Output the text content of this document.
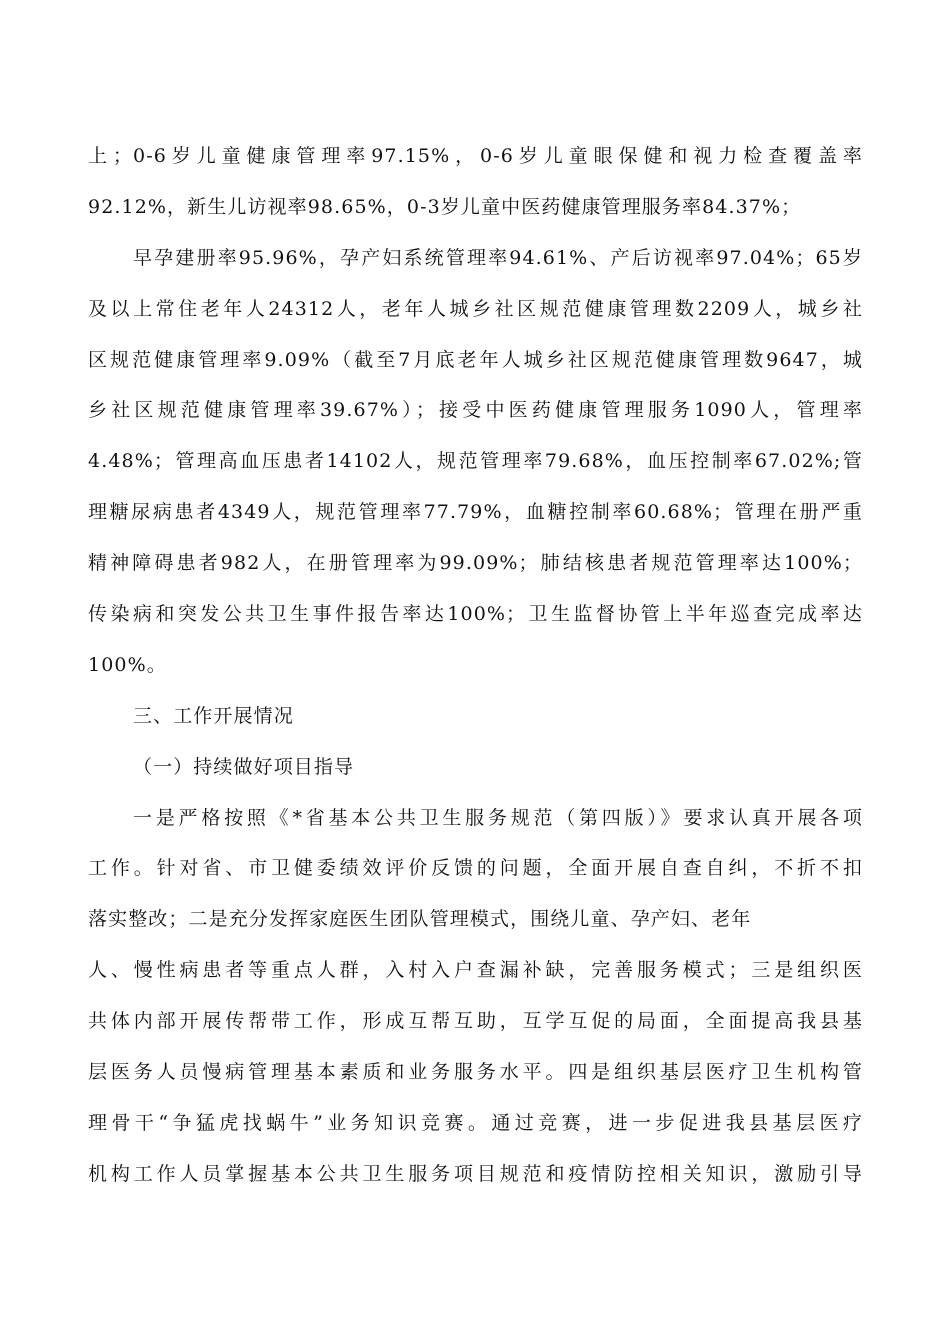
上；0-6岁儿童健康管理率97.15%，0-6岁儿童眼保健和视力检查覆盖率
92.12%，新生儿访视率98.65%，0-3岁儿童中医药健康管理服务率84.37%；
早孕建册率95.96%，孕产妇系统管理率94.61%、产后访视率97.04%；65岁
及以上常住老年人24312人，老年人城乡社区规范健康管理数2209人，城乡社
区规范健康管理率9.09%（截至7月底老年人城乡社区规范健康管理数9647，城
乡社区规范健康管理率39.67%）；接受中医药健康管理服务1090人，管理率
4.48%；管理高血压患者14102人，规范管理率79.68%，血压控制率67.02%;管
理糖尿病患者4349人，规范管理率77.79%，血糖控制率60.68%；管理在册严重
精神障碍患者982人，在册管理率为99.09%；肺结核患者规范管理率达100%；
传染病和突发公共卫生事件报告率达100%；卫生监督协管上半年巡查完成率达
100%。
三、工作开展情况
（一）持续做好项目指导
一是严格按照《*省基本公共卫生服务规范（第四版）》要求认真开展各项
工作。针对省、市卫健委绩效评价反馈的问题，全面开展自查自纠，不折不扣
落实整改；二是充分发挥家庭医生团队管理模式，围绕儿童、孕产妇、老年
人、慢性病患者等重点人群，入村入户查漏补缺，完善服务模式；三是组织医
共体内部开展传帮带工作，形成互帮互助，互学互促的局面，全面提高我县基
层医务人员慢病管理基本素质和业务服务水平。四是组织基层医疗卫生机构管
理骨干“争猛虎找蜗牛”业务知识竞赛。通过竞赛，进一步促进我县基层医疗
机构工作人员掌握基本公共卫生服务项目规范和疫情防控相关知识，激励引导
